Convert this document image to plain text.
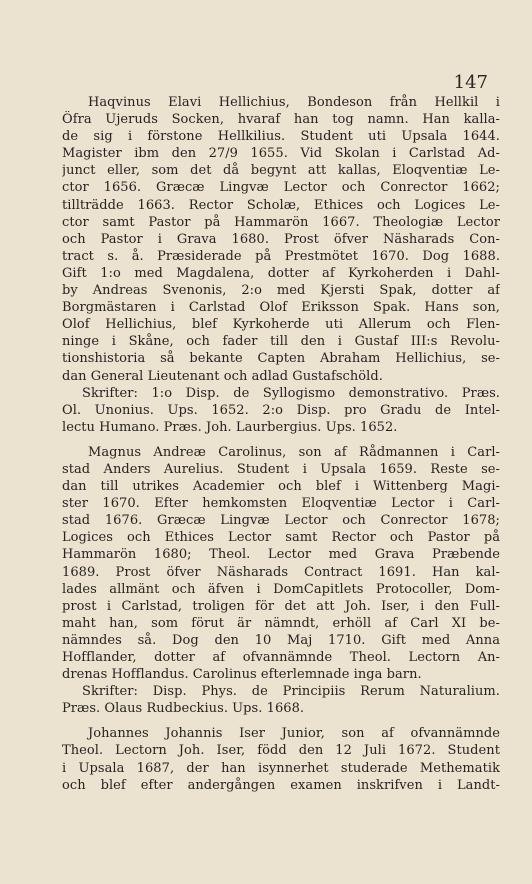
147
Haqvinus Elavi Hellichius, Bondeson från Hellkil i
Öfra Ujeruds Socken, hvaraf han tog namn. Han kalla-
de sig i förstone Hellkilius. Student uti Upsala 1644.
Magister ibm den 27/9 1655. Vid Skolan i Carlstad Ad-
junct eller, som det då begynt att kallas, Eloqventiæ Le-
ctor 1656. Græcæ Lingvæ Lector och Conrector 1662;
tillträdde 1663. Rector Scholæ, Ethices och Logices Le-
ctor samt Pastor på Hammarön 1667. Theologiæ Lector
och Pastor i Grava 1680. Prost öfver Näsharads Con-
tract s. å. Præsiderade på Prestmötet 1670. Dog 1688.
Gift 1:o med Magdalena, dotter af Kyrkoherden i Dahl-
by Andreas Svenonis, 2:o med Kjersti Spak, dotter af
Borgmästaren i Carlstad Olof Eriksson Spak. Hans son,
Olof Hellichius, blef Kyrkoherde uti Allerum och Flen-
ninge i Skåne, och fader till den i Gustaf III:s Revolu-
tionshistoria så bekante Capten Abraham Hellichius, se-
dan General Lieutenant och adlad Gustafschöld.
Skrifter: 1:o Disp. de Syllogismo demonstrativo. Præs.
Ol. Unonius. Ups. 1652. 2:o Disp. pro Gradu de Intel-
lectu Humano. Præs. Joh. Laurbergius. Ups. 1652.
Magnus Andreæ Carolinus, son af Rådmannen i Carl-
stad Anders Aurelius. Student i Upsala 1659. Reste se-
dan till utrikes Academier och blef i Wittenberg Magi-
ster 1670. Efter hemkomsten Eloqventiæ Lector i Carl-
stad 1676. Græcæ Lingvæ Lector och Conrector 1678;
Logices och Ethices Lector samt Rector och Pastor på
Hammarön 1680; Theol. Lector med Grava Præbende
1689. Prost öfver Näsharads Contract 1691. Han kal-
lades allmänt och äfven i DomCapitlets Protocoller, Dom-
prost i Carlstad, troligen för det att Joh. Iser, i den Full-
maht han, som förut är nämndt, erhöll af Carl XI be-
nämndes så. Dog den 10 Maj 1710. Gift med Anna
Hofflander, dotter af ofvannämnde Theol. Lectorn An-
drenas Hofflandus. Carolinus efterlemnade inga barn.
Skrifter: Disp. Phys. de Principiis Rerum Naturalium.
Præs. Olaus Rudbeckius. Ups. 1668.
Johannes Johannis Iser Junior, son af ofvannämnde
Theol. Lectorn Joh. Iser, född den 12 Juli 1672. Student
i Upsala 1687, der han isynnerhet studerade Methematik
och blef efter andergången examen inskrifven i Landt-
